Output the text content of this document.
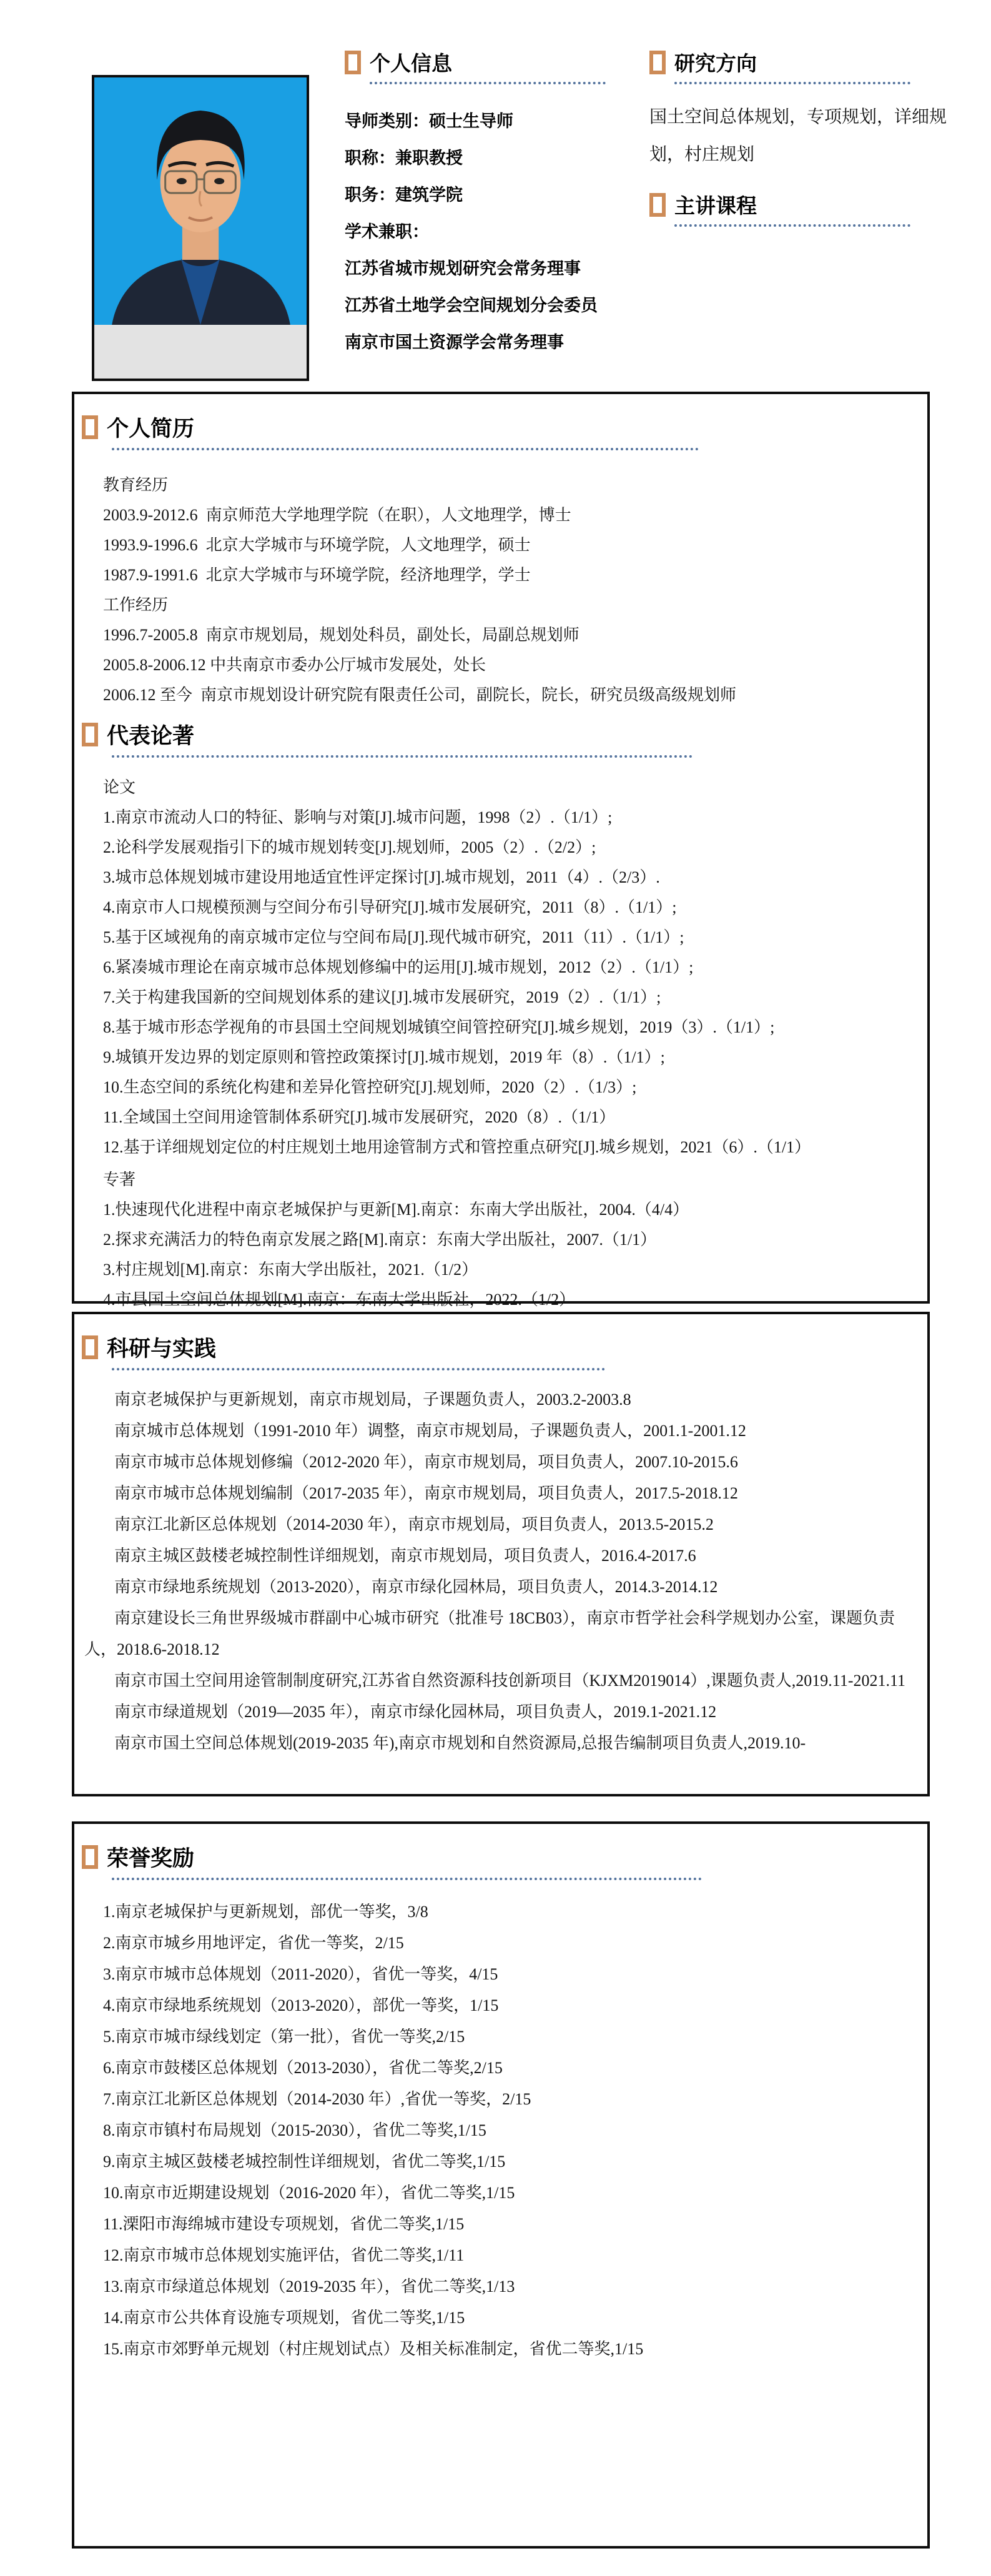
个人信息
导师类别：硕士生导师
职称：兼职教授
职务：建筑学院
学术兼职：
江苏省城市规划研究会常务理事
江苏省土地学会空间规划分会委员
南京市国土资源学会常务理事
研究方向
国土空间总体规划，专项规划，详细规划，村庄规划
主讲课程
个人简历
教育经历
2003.9-2012.6  南京师范大学地理学院（在职），人文地理学，博士
1993.9-1996.6  北京大学城市与环境学院，人文地理学，硕士
1987.9-1991.6  北京大学城市与环境学院，经济地理学，学士
工作经历
1996.7-2005.8  南京市规划局，规划处科员，副处长，局副总规划师
2005.8-2006.12 中共南京市委办公厅城市发展处，处长
2006.12 至今  南京市规划设计研究院有限责任公司，副院长，院长，研究员级高级规划师
代表论著
论文
1.南京市流动人口的特征、影响与对策[J].城市问题，1998（2）.（1/1）;
2.论科学发展观指引下的城市规划转变[J].规划师，2005（2）.（2/2）;
3.城市总体规划城市建设用地适宜性评定探讨[J].城市规划，2011（4）.（2/3）.
4.南京市人口规模预测与空间分布引导研究[J].城市发展研究，2011（8）.（1/1）;
5.基于区域视角的南京城市定位与空间布局[J].现代城市研究，2011（11）.（1/1）;
6.紧凑城市理论在南京城市总体规划修编中的运用[J].城市规划，2012（2）.（1/1）;
7.关于构建我国新的空间规划体系的建议[J].城市发展研究，2019（2）.（1/1）;
8.基于城市形态学视角的市县国土空间规划城镇空间管控研究[J].城乡规划，2019（3）.（1/1）;
9.城镇开发边界的划定原则和管控政策探讨[J].城市规划，2019 年（8）.（1/1）;
10.生态空间的系统化构建和差异化管控研究[J].规划师，2020（2）.（1/3）;
11.全域国土空间用途管制体系研究[J].城市发展研究，2020（8）.（1/1）
12.基于详细规划定位的村庄规划土地用途管制方式和管控重点研究[J].城乡规划，2021（6）.（1/1）
专著
1.快速现代化进程中南京老城保护与更新[M].南京：东南大学出版社，2004.（4/4）
2.探求充满活力的特色南京发展之路[M].南京：东南大学出版社，2007.（1/1）
3.村庄规划[M].南京：东南大学出版社，2021.（1/2）
4.市县国土空间总体规划[M].南京：东南大学出版社，2022.（1/2）
科研与实践

南京老城保护与更新规划，南京市规划局，子课题负责人，2003.2-2003.8

南京城市总体规划（1991-2010 年）调整，南京市规划局，子课题负责人，2001.1-2001.12

南京市城市总体规划修编（2012-2020 年），南京市规划局，项目负责人，2007.10-2015.6

南京市城市总体规划编制（2017-2035 年），南京市规划局，项目负责人，2017.5-2018.12

南京江北新区总体规划（2014-2030 年），南京市规划局，项目负责人，2013.5-2015.2

南京主城区鼓楼老城控制性详细规划，南京市规划局，项目负责人，2016.4-2017.6

南京市绿地系统规划（2013-2020），南京市绿化园林局，项目负责人，2014.3-2014.12

南京建设长三角世界级城市群副中心城市研究（批准号 18CB03），南京市哲学社会科学规划办公室，课题负责人，2018.6-2018.12

南京市国土空间用途管制制度研究,江苏省自然资源科技创新项目（KJXM2019014）,课题负责人,2019.11-2021.11

南京市绿道规划（2019—2035 年），南京市绿化园林局，项目负责人，2019.1-2021.12

南京市国土空间总体规划(2019-2035 年),南京市规划和自然资源局,总报告编制项目负责人,2019.10-

荣誉奖励
1.南京老城保护与更新规划，部优一等奖，3/8
2.南京市城乡用地评定，省优一等奖，2/15
3.南京市城市总体规划（2011-2020），省优一等奖，4/15
4.南京市绿地系统规划（2013-2020），部优一等奖，1/15
5.南京市城市绿线划定（第一批），省优一等奖,2/15
6.南京市鼓楼区总体规划（2013-2030），省优二等奖,2/15
7.南京江北新区总体规划（2014-2030 年）,省优一等奖，2/15
8.南京市镇村布局规划（2015-2030），省优二等奖,1/15
9.南京主城区鼓楼老城控制性详细规划，省优二等奖,1/15
10.南京市近期建设规划（2016-2020 年），省优二等奖,1/15
11.溧阳市海绵城市建设专项规划，省优二等奖,1/15
12.南京市城市总体规划实施评估，省优二等奖,1/11
13.南京市绿道总体规划（2019-2035 年），省优二等奖,1/13
14.南京市公共体育设施专项规划，省优二等奖,1/15
15.南京市郊野单元规划（村庄规划试点）及相关标准制定，省优二等奖,1/15
